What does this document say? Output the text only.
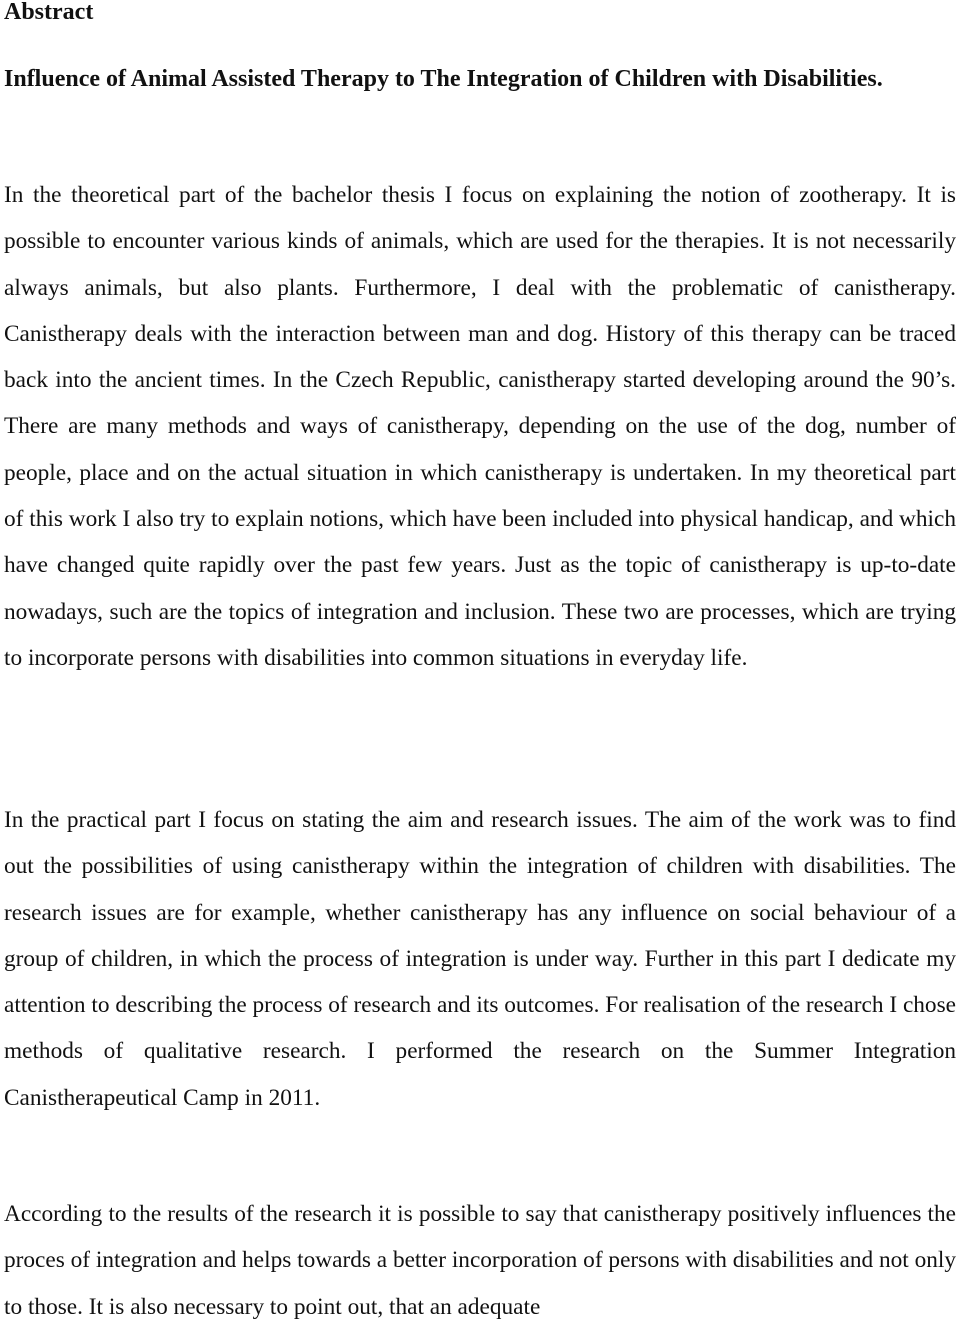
Abstract
Influence of Animal Assisted Therapy to The Integration of Children with Disabilities.

In the theoretical part of the bachelor thesis I focus on explaining the notion of zootherapy. It is possible to encounter various kinds of animals, which are used for the therapies. It is not necessarily always animals, but also plants. Furthermore, I deal with the problematic of canistherapy. Canistherapy deals with the interaction between man and dog. History of this therapy can be traced back into the ancient times. In the Czech Republic, canistherapy started developing around the 90’s. There are many methods and ways of canistherapy, depending on the use of the dog, number of people, place and on the actual situation in which canistherapy is undertaken. In my theoretical part of this work I also try to explain notions, which have been included into physical handicap, and which have changed quite rapidly over the past few years. Just as the topic of canistherapy is up-to-date nowadays, such are the topics of integration and inclusion. These two are processes, which are trying to incorporate persons with disabilities into common situations in everyday life.

In the practical part I focus on stating the aim and research issues. The aim of the work was to find out the possibilities of using canistherapy within the integration of children with disabilities. The research issues are for example, whether canistherapy has any influence on social behaviour of a group of children, in which the process of integration is under way. Further in this part I dedicate my attention to describing the process of research and its outcomes. For realisation of the research I chose methods of qualitative research. I performed the research on the Summer Integration Canistherapeutical Camp in 2011.

According to the results of the research it is possible to say that canistherapy positively influences the proces of integration and helps towards a better incorporation of persons with disabilities and not only to those. It is also necessary to point out, that an adequate
